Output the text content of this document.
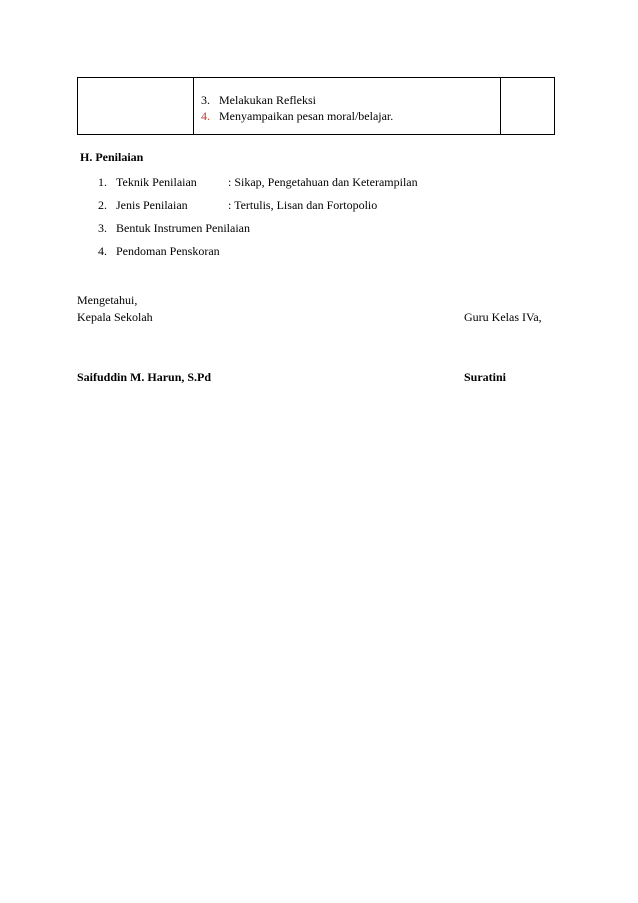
3. Melakukan Refleksi
4. Menyampaikan pesan moral/belajar.

H. Penilaian
1. Teknik Penilaian	: Sikap, Pengetahuan dan Keterampilan
2. Jenis Penilaian	: Tertulis, Lisan dan Fortopolio
3. Bentuk Instrumen Penilaian
4. Pendoman Penskoran
Mengetahui,
Kepala Sekolah	Guru Kelas IVa,
Saifuddin M. Harun, S.Pd	Suratini
